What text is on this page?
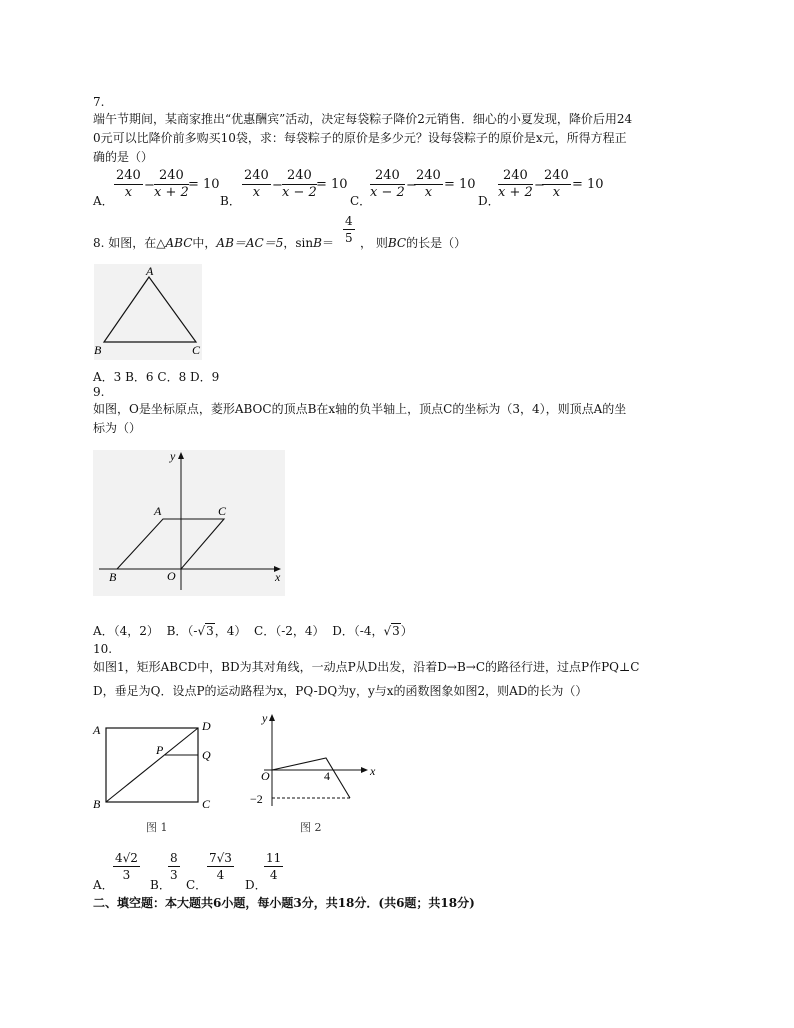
7.
端午节期间，某商家推出“优惠酬宾”活动，决定每袋粽子降价2元销售．细心的小夏发现，降价后用24
0元可以比降价前多购买10袋，求：每袋粽子的原价是多少元？设每袋粽子的原价是x元，所得方程正
确的是（）
A． $\frac{240}{x} - \frac{240}{x + 2} = 10$
B． $\frac{240}{x} - \frac{240}{x - 2} = 10$
C．
$\frac{240}{x - 2}$ −
$\frac{240}{x} = 10$
D．
$\frac{240}{x + 2}$ −
$\frac{240}{x} = 10$
8. 如图，在△ABC中，AB＝AC＝5，$\sin B= \frac{4}{5}$ ， 则BC的长是（）
A
B	C
A．3 B．6 C．8 D．9
9.
如图，O是坐标原点，菱形ABOC的顶点B在x轴的负半轴上，顶点C的坐标为（3，4），则顶点A的坐
标为（）
y
x
A	C
B	O
A．（4，2） B．（-√3，4） C．（-2，4） D．（-4，√3）
10.
如图1，矩形ABCD中，BD为其对角线，一动点P从D出发，沿着D→B→C的路径行进，过点P作PQ⊥C
D，垂足为Q．设点P的运动路程为x，PQ-DQ为y，y与x的函数图象如图2，则AD的长为（）
A	D
P	Q
B	C
图 1
y
x
O	4
−2
图 2
A．
$\frac{4√2}{3}$
B．
$\frac{8}{3}$
C．
$\frac{7√3}{4}$
D．
$\frac{11}{4}$
二、填空题：本大题共6小题，每小题3分，共18分．(共6题；共18分)
